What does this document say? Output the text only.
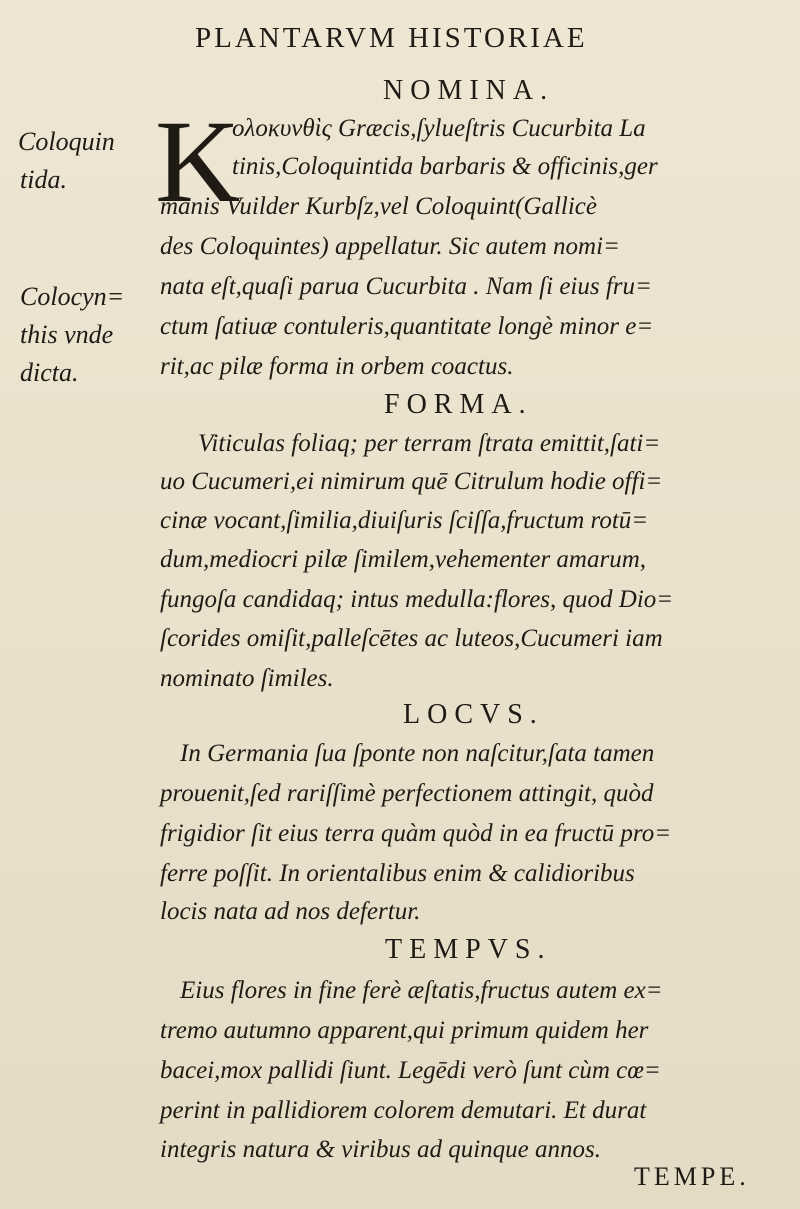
PLANTARVM HISTORIAE
NOMINA.
K
ολοκυνθὶς Græcis,ſylueſtris Cucurbita La
tinis,Coloquintida barbaris & officinis,ger
manis Vuilder Kurbſz,vel Coloquint(Gallicè
des Coloquintes) appellatur. Sic autem nomi=
nata eſt,quaſi parua Cucurbita . Nam ſi eius fru=
ctum ſatiuæ contuleris,quantitate longè minor e=
rit,ac pilæ forma in orbem coactus.
Coloquin
tida.
Colocyn=
this vnde
dicta.
FORMA.
Viticulas foliaq; per terram ſtrata emittit,ſati=
uo Cucumeri,ei nimirum quē Citrulum hodie offi=
cinæ vocant,ſimilia,diuiſuris ſciſſa,fructum rotū=
dum,mediocri pilæ ſimilem,vehementer amarum,
fungoſa candidaq; intus medulla:flores, quod Dio=
ſcorides omiſit,palleſcētes ac luteos,Cucumeri iam
nominato ſimiles.
LOCVS.
In Germania ſua ſponte non naſcitur,ſata tamen
prouenit,ſed rariſſimè perfectionem attingit, quòd
frigidior ſit eius terra quàm quòd in ea fructū pro=
ferre poſſit. In orientalibus enim & calidioribus
locis nata ad nos defertur.
TEMPVS.
Eius flores in fine ferè æſtatis,fructus autem ex=
tremo autumno apparent,qui primum quidem her
bacei,mox pallidi ſiunt. Legēdi verò ſunt cùm cœ=
perint in pallidiorem colorem demutari. Et durat
integris natura & viribus ad quinque annos.
TEMPE.
